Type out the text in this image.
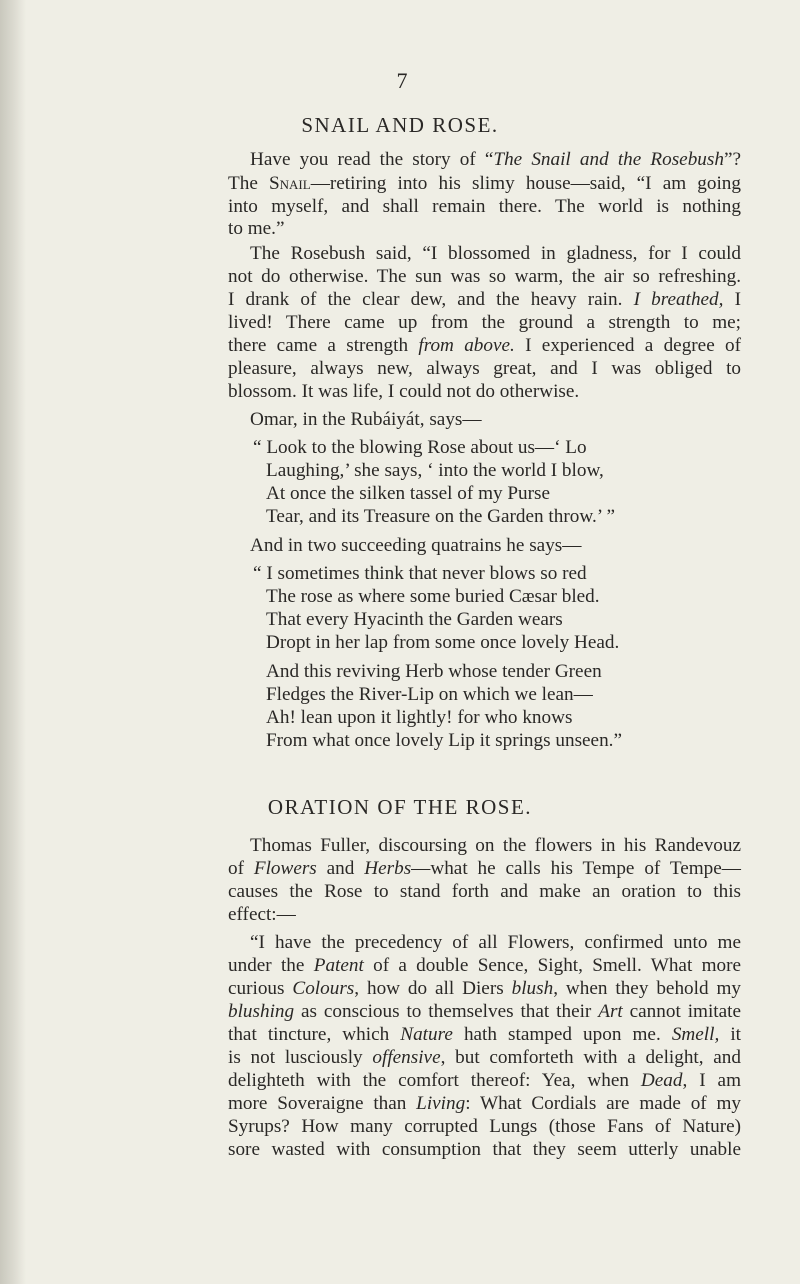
7
SNAIL AND ROSE.
Have you read the story of “The Snail and the Rosebush”?
The Snail—retiring into his slimy house—said, “I am going
into myself, and shall remain there. The world is nothing
to me.”
The Rosebush said, “I blossomed in gladness, for I could
not do otherwise. The sun was so warm, the air so refreshing.
I drank of the clear dew, and the heavy rain. I breathed, I
lived! There came up from the ground a strength to me;
there came a strength from above. I experienced a degree of
pleasure, always new, always great, and I was obliged to
blossom. It was life, I could not do otherwise.
Omar, in the Rubáiyát, says—
“ Look to the blowing Rose about us—‘ Lo
Laughing,’ she says, ‘ into the world I blow,
At once the silken tassel of my Purse
Tear, and its Treasure on the Garden throw.’ ”
And in two succeeding quatrains he says—
“ I sometimes think that never blows so red
The rose as where some buried Cæsar bled.
That every Hyacinth the Garden wears
Dropt in her lap from some once lovely Head.
And this reviving Herb whose tender Green
Fledges the River-Lip on which we lean—
Ah! lean upon it lightly! for who knows
From what once lovely Lip it springs unseen.”
ORATION OF THE ROSE.
Thomas Fuller, discoursing on the flowers in his Randevouz
of Flowers and Herbs—what he calls his Tempe of Tempe—
causes the Rose to stand forth and make an oration to this
effect:—
“I have the precedency of all Flowers, confirmed unto me
under the Patent of a double Sence, Sight, Smell. What more
curious Colours, how do all Diers blush, when they behold my
blushing as conscious to themselves that their Art cannot imitate
that tincture, which Nature hath stamped upon me. Smell, it
is not lusciously offensive, but comforteth with a delight, and
delighteth with the comfort thereof: Yea, when Dead, I am
more Soveraigne than Living: What Cordials are made of my
Syrups? How many corrupted Lungs (those Fans of Nature)
sore wasted with consumption that they seem utterly unable
